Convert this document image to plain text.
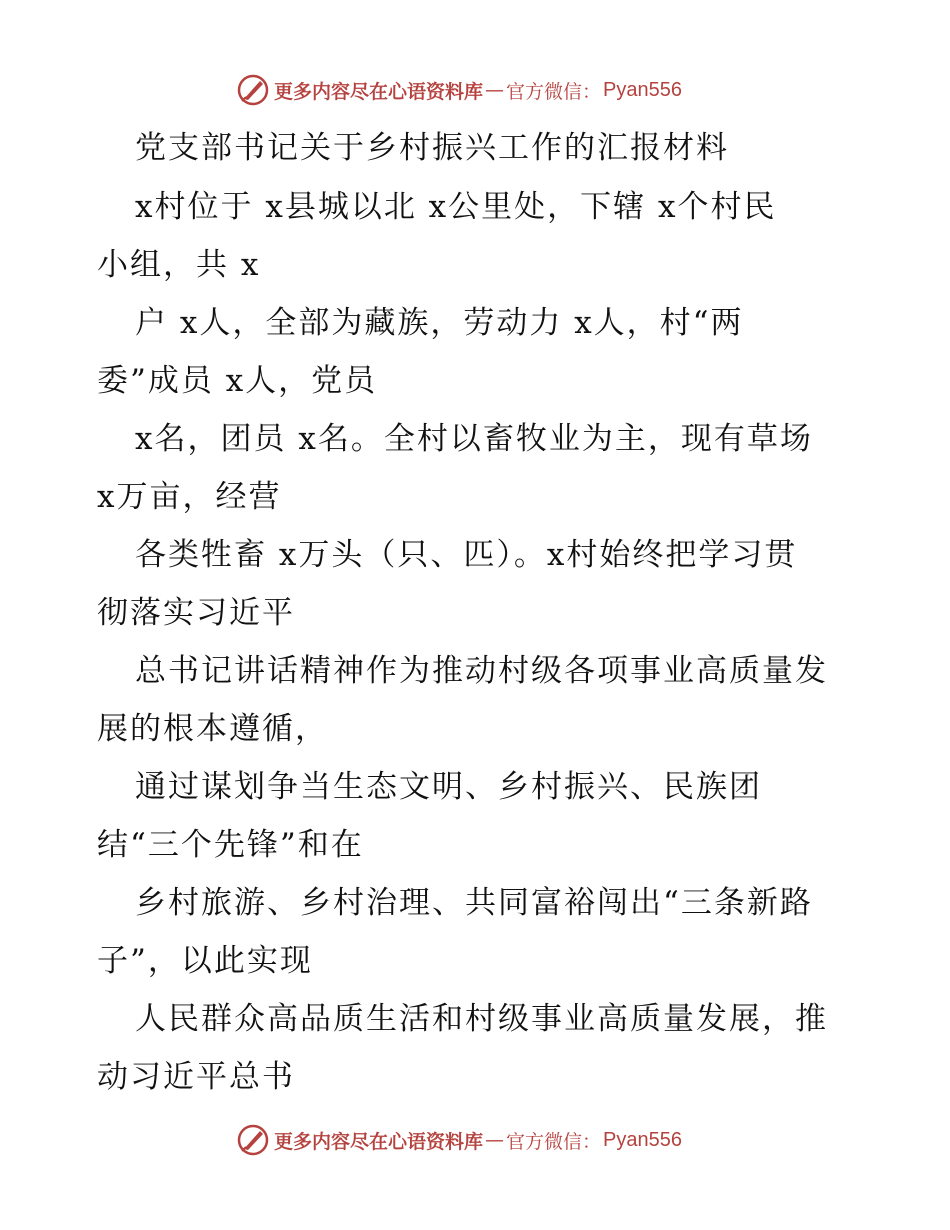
更多内容尽在心语资料库 — 官方微信： Pyan556
党支部书记关于乡村振兴工作的汇报材料
x村位于 x县城以北 x公里处，下辖 x个村民
小组，共 x
户 x人，全部为藏族，劳动力 x人，村“两
委”成员 x人，党员
x名，团员 x名。全村以畜牧业为主，现有草场
x万亩，经营
各类牲畜 x万头（只、匹）。x村始终把学习贯
彻落实习近平
总书记讲话精神作为推动村级各项事业高质量发
展的根本遵循，
通过谋划争当生态文明、乡村振兴、民族团
结“三个先锋”和在
乡村旅游、乡村治理、共同富裕闯出“三条新路
子”，以此实现
人民群众高品质生活和村级事业高质量发展，推
动习近平总书
更多内容尽在心语资料库 — 官方微信： Pyan556
